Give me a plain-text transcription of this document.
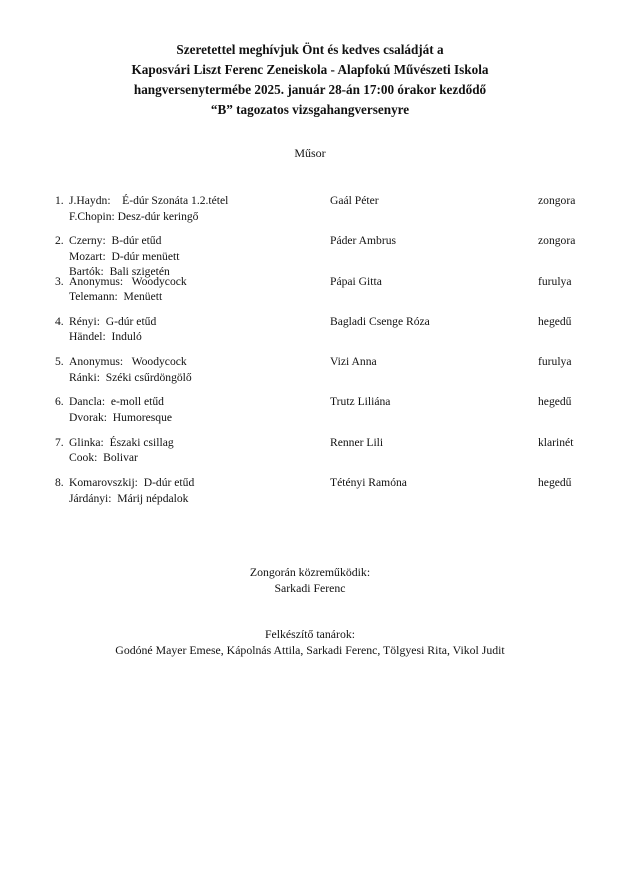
Szeretettel meghívjuk Önt és kedves családját a
Kaposvári Liszt Ferenc Zeneiskola - Alapfokú Művészeti Iskola
hangversenytermébe 2025. január 28-án 17:00 órakor kezdődő
“B” tagozatos vizsgahangversenyre
Műsor
1. J.Haydn:    É-dúr Szonáta 1.2.tétel
F.Chopin: Desz-dúr keringő
Gaál Péter	zongora
2. Czerny:  B-dúr etűd
Mozart:  D-dúr menüett
Bartók:  Bali szigetén
Páder Ambrus	zongora
3. Anonymus:   Woodycock
Telemann:  Menüett
Pápai Gitta	furulya
4. Rényi:  G-dúr etűd
Händel:  Induló
Bagladi Csenge Róza	hegedű
5. Anonymus:   Woodycock
Ránki:  Széki csűrdöngölő
Vizi Anna	furulya
6. Dancla:  e-moll etűd
Dvorak:  Humoresque
Trutz Liliána	hegedű
7. Glinka:  Északi csillag
Cook:  Bolivar
Renner Lili	klarinét
8. Komarovszkij:  D-dúr etűd
Járdányi:  Márij népdalok
Tétényi Ramóna	hegedű
Zongorán közreműködik:
Sarkadi Ferenc
Felkészítő tanárok:
Godóné Mayer Emese, Kápolnás Attila, Sarkadi Ferenc, Tölgyesi Rita, Vikol Judit
